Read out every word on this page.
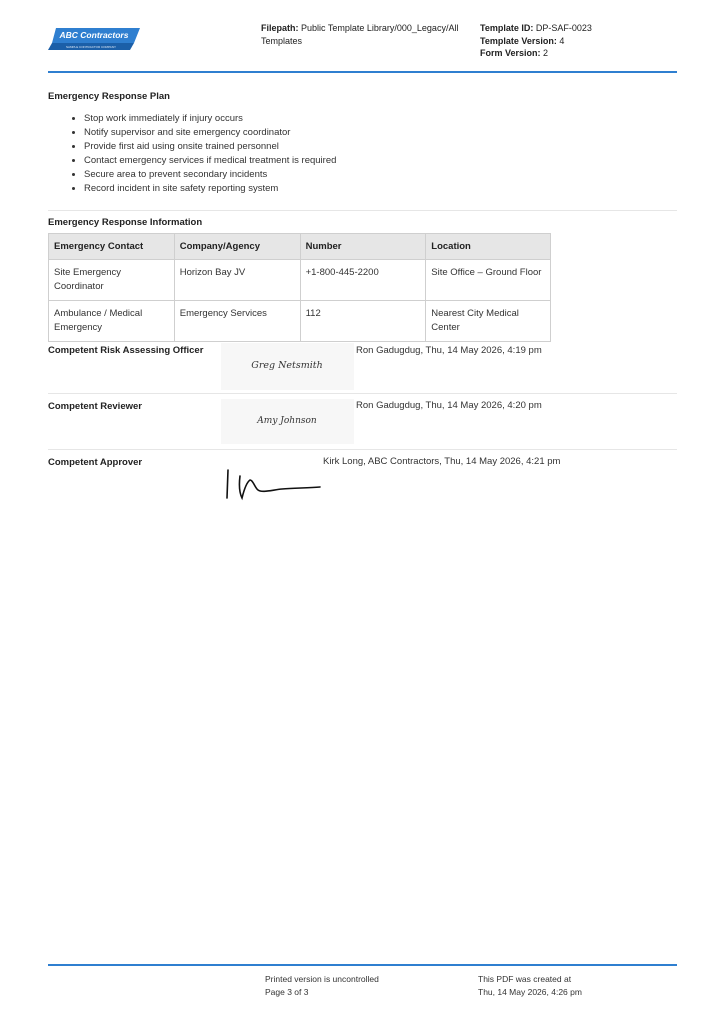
ABC Contractors
SAMPLE CONTRACTOR COMPANY
Filepath: Public Template Library/000_Legacy/All Templates
Template ID: DP-SAF-0023
Template Version: 4
Form Version: 2
Emergency Response Plan
• Stop work immediately if injury occurs
• Notify supervisor and site emergency coordinator
• Provide first aid using onsite trained personnel
• Contact emergency services if medical treatment is required
• Secure area to prevent secondary incidents
• Record incident in site safety reporting system
Emergency Response Information
Emergency Contact	Company/Agency	Number	Location
Site Emergency Coordinator	Horizon Bay JV	+1-800-445-2200	Site Office – Ground Floor
Ambulance / Medical Emergency	Emergency Services	112	Nearest City Medical Center
Competent Risk Assessing Officer
Greg Netsmith
Ron Gadugdug, Thu, 14 May 2026, 4:19 pm
Competent Reviewer
Amy Johnson
Ron Gadugdug, Thu, 14 May 2026, 4:20 pm
Competent Approver	Kirk Long, ABC Contractors, Thu, 14 May 2026, 4:21 pm
Printed version is uncontrolled
Page 3 of 3
This PDF was created at
Thu, 14 May 2026, 4:26 pm
